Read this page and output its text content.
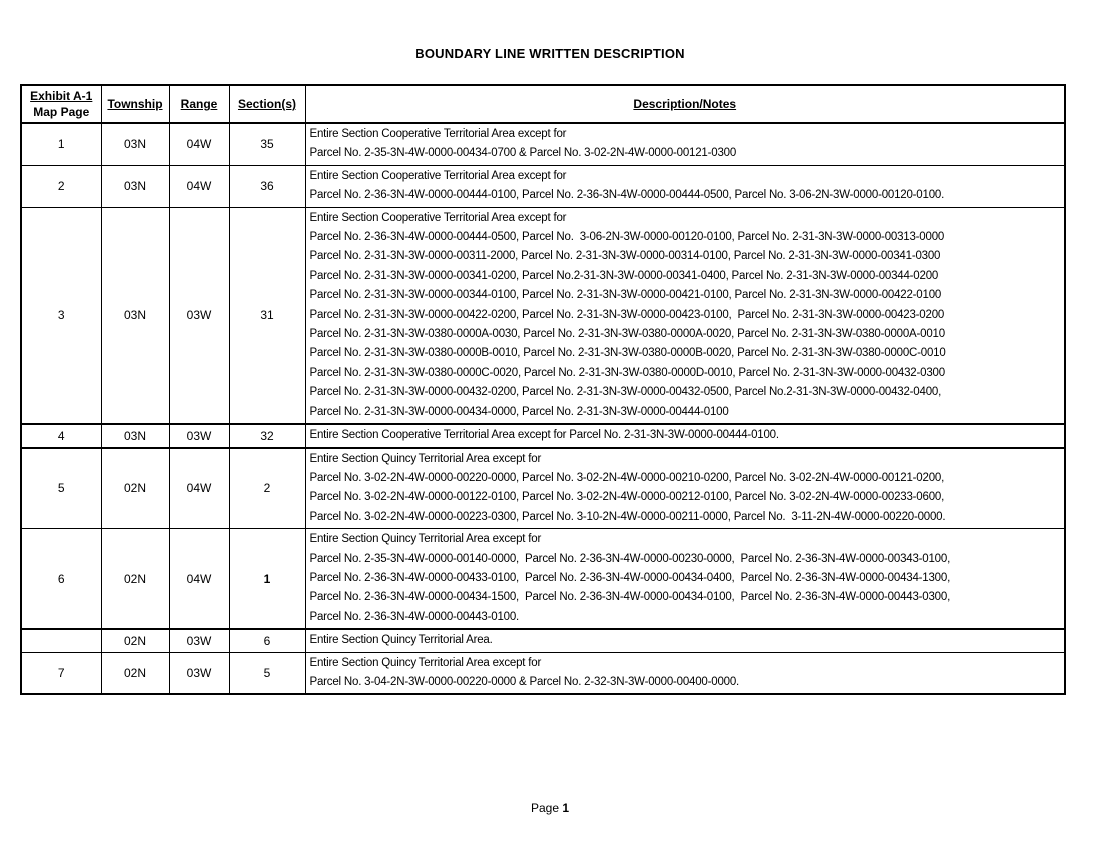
BOUNDARY LINE WRITTEN DESCRIPTION
Exhibit A-1
Map Page	Township	Range	Section(s)	Description/Notes
1	03N	04W	35	Entire Section Cooperative Territorial Area except for
Parcel No. 2-35-3N-4W-0000-00434-0700 & Parcel No. 3-02-2N-4W-0000-00121-0300

2	03N	04W	36	Entire Section Cooperative Territorial Area except for
Parcel No. 2-36-3N-4W-0000-00444-0100, Parcel No. 2-36-3N-4W-0000-00444-0500, Parcel No. 3-06-2N-3W-0000-00120-0100.

3	03N	03W	31	
Entire Section Cooperative Territorial Area except for
Parcel No. 2-36-3N-4W-0000-00444-0500, Parcel No.  3-06-2N-3W-0000-00120-0100, Parcel No. 2-31-3N-3W-0000-00313-0000
Parcel No. 2-31-3N-3W-0000-00311-2000, Parcel No. 2-31-3N-3W-0000-00314-0100, Parcel No. 2-31-3N-3W-0000-00341-0300
Parcel No. 2-31-3N-3W-0000-00341-0200, Parcel No.2-31-3N-3W-0000-00341-0400, Parcel No. 2-31-3N-3W-0000-00344-0200
Parcel No. 2-31-3N-3W-0000-00344-0100, Parcel No. 2-31-3N-3W-0000-00421-0100, Parcel No. 2-31-3N-3W-0000-00422-0100
Parcel No. 2-31-3N-3W-0000-00422-0200, Parcel No. 2-31-3N-3W-0000-00423-0100,  Parcel No. 2-31-3N-3W-0000-00423-0200
Parcel No. 2-31-3N-3W-0380-0000A-0030, Parcel No. 2-31-3N-3W-0380-0000A-0020, Parcel No. 2-31-3N-3W-0380-0000A-0010
Parcel No. 2-31-3N-3W-0380-0000B-0010, Parcel No. 2-31-3N-3W-0380-0000B-0020, Parcel No. 2-31-3N-3W-0380-0000C-0010
Parcel No. 2-31-3N-3W-0380-0000C-0020, Parcel No. 2-31-3N-3W-0380-0000D-0010, Parcel No. 2-31-3N-3W-0000-00432-0300
Parcel No. 2-31-3N-3W-0000-00432-0200, Parcel No. 2-31-3N-3W-0000-00432-0500, Parcel No.2-31-3N-3W-0000-00432-0400,
Parcel No. 2-31-3N-3W-0000-00434-0000, Parcel No. 2-31-3N-3W-0000-00444-0100

4	03N	03W	32	Entire Section Cooperative Territorial Area except for Parcel No. 2-31-3N-3W-0000-00444-0100.

5	02N	04W	2	Entire Section Quincy Territorial Area except for
Parcel No. 3-02-2N-4W-0000-00220-0000, Parcel No. 3-02-2N-4W-0000-00210-0200, Parcel No. 3-02-2N-4W-0000-00121-0200,
Parcel No. 3-02-2N-4W-0000-00122-0100, Parcel No. 3-02-2N-4W-0000-00212-0100, Parcel No. 3-02-2N-4W-0000-00233-0600,
Parcel No. 3-02-2N-4W-0000-00223-0300, Parcel No. 3-10-2N-4W-0000-00211-0000, Parcel No.  3-11-2N-4W-0000-00220-0000.

6	02N	04W	1	Entire Section Quincy Territorial Area except for
Parcel No. 2-35-3N-4W-0000-00140-0000,  Parcel No. 2-36-3N-4W-0000-00230-0000,  Parcel No. 2-36-3N-4W-0000-00343-0100,
Parcel No. 2-36-3N-4W-0000-00433-0100,  Parcel No. 2-36-3N-4W-0000-00434-0400,  Parcel No. 2-36-3N-4W-0000-00434-1300,
Parcel No. 2-36-3N-4W-0000-00434-1500,  Parcel No. 2-36-3N-4W-0000-00434-0100,  Parcel No. 2-36-3N-4W-0000-00443-0300,
Parcel No. 2-36-3N-4W-0000-00443-0100.

	02N	03W	6	Entire Section Quincy Territorial Area.

7	02N	03W	5	Entire Section Quincy Territorial Area except for
Parcel No. 3-04-2N-3W-0000-00220-0000 & Parcel No. 2-32-3N-3W-0000-00400-0000.
Page 1
